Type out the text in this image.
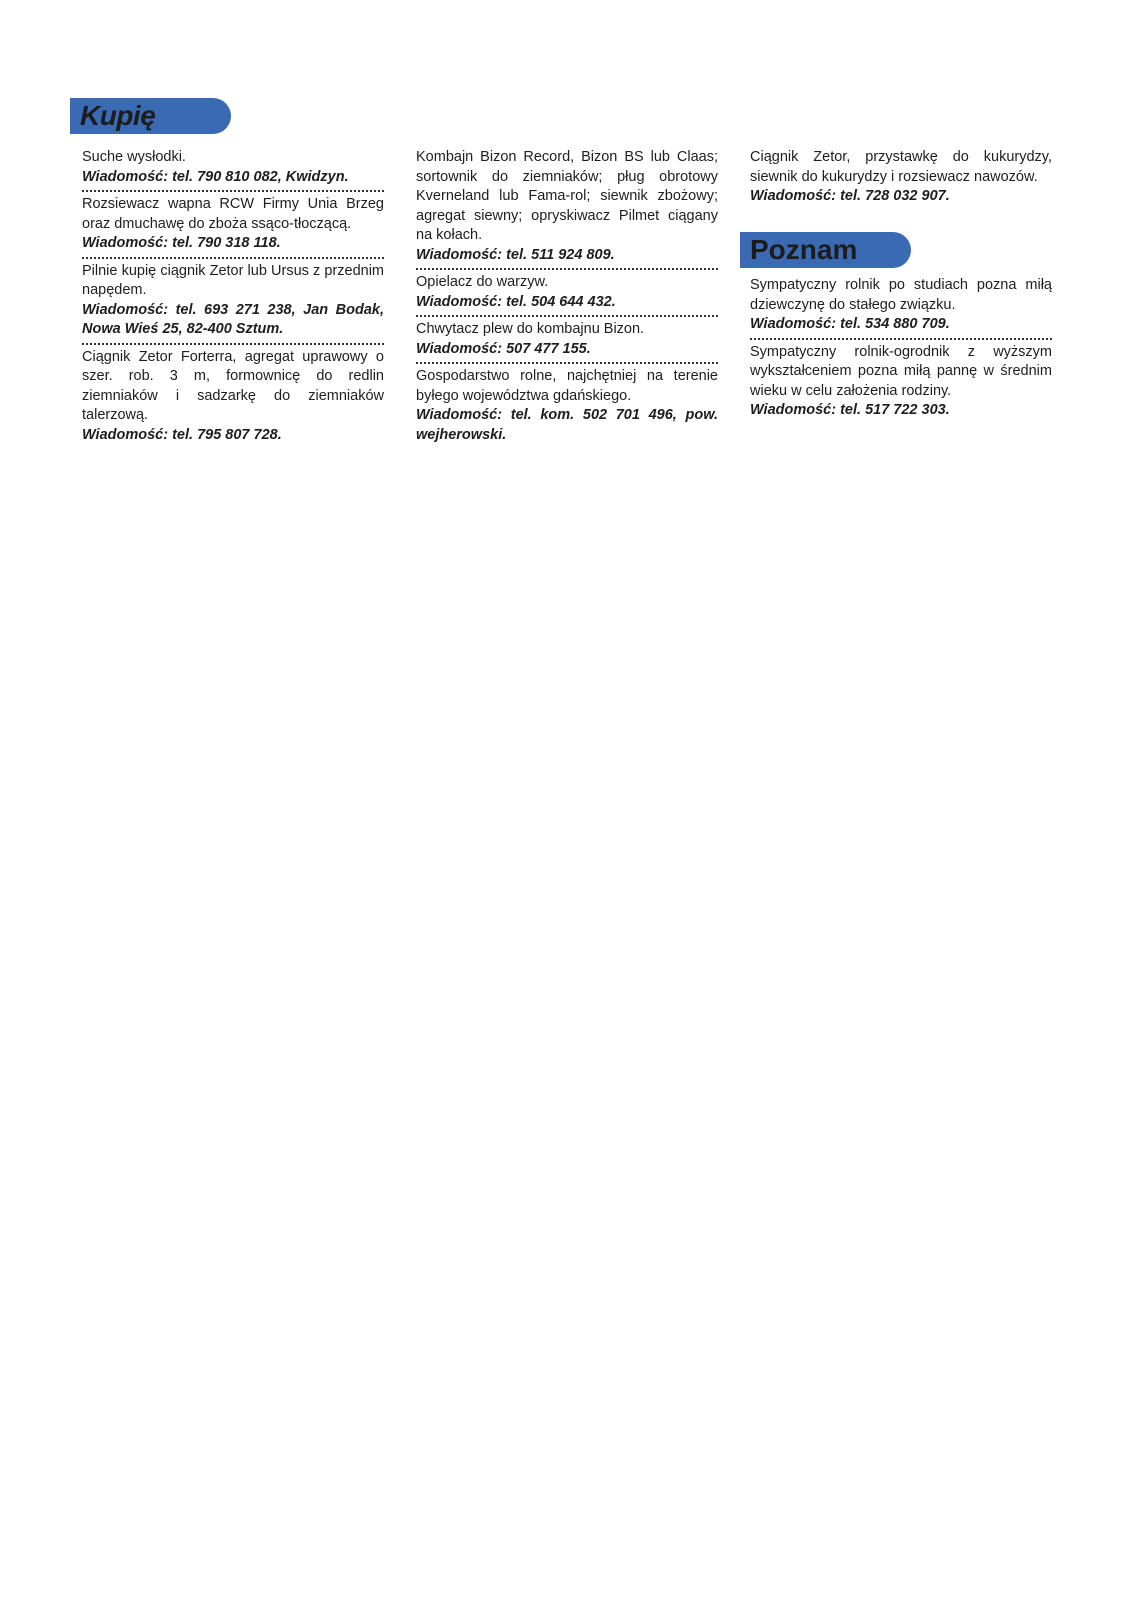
Kupię
Suche wysłodki.
Wiadomość: tel. 790 810 082, Kwidzyn.
Rozsiewacz wapna RCW Firmy Unia Brzeg oraz dmuchawę do zboża ssąco-tłoczącą.
Wiadomość: tel. 790 318 118.
Pilnie kupię ciągnik Zetor lub Ursus z przednim napędem.
Wiadomość: tel. 693 271 238, Jan Bodak, Nowa Wieś 25, 82-400 Sztum.
Ciągnik Zetor Forterra, agregat uprawowy o szer. rob. 3 m, formownicę do redlin ziemniaków i sadzarkę do ziemniaków talerzową.
Wiadomość: tel. 795 807 728.
Kombajn Bizon Record, Bizon BS lub Claas; sortownik do ziemniaków; pług obrotowy Kverneland lub Fama-rol; siewnik zbożowy; agregat siewny; opryskiwacz Pilmet ciągany na kołach.
Wiadomość: tel. 511 924 809.
Opielacz do warzyw.
Wiadomość: tel. 504 644 432.
Chwytacz plew do kombajnu Bizon.
Wiadomość: 507 477 155.
Gospodarstwo rolne, najchętniej na terenie byłego województwa gdańskiego.
Wiadomość: tel. kom. 502 701 496, pow. wejherowski.
Ciągnik Zetor, przystawkę do kukurydzy, siewnik do kukurydzy i rozsiewacz nawozów.
Wiadomość: tel. 728 032 907.
Poznam
Sympatyczny rolnik po studiach pozna miłą dziewczynę do stałego związku.
Wiadomość: tel. 534 880 709.
Sympatyczny rolnik-ogrodnik z wyższym wykształceniem pozna miłą pannę w średnim wieku w celu założenia rodziny.
Wiadomość: tel. 517 722 303.
